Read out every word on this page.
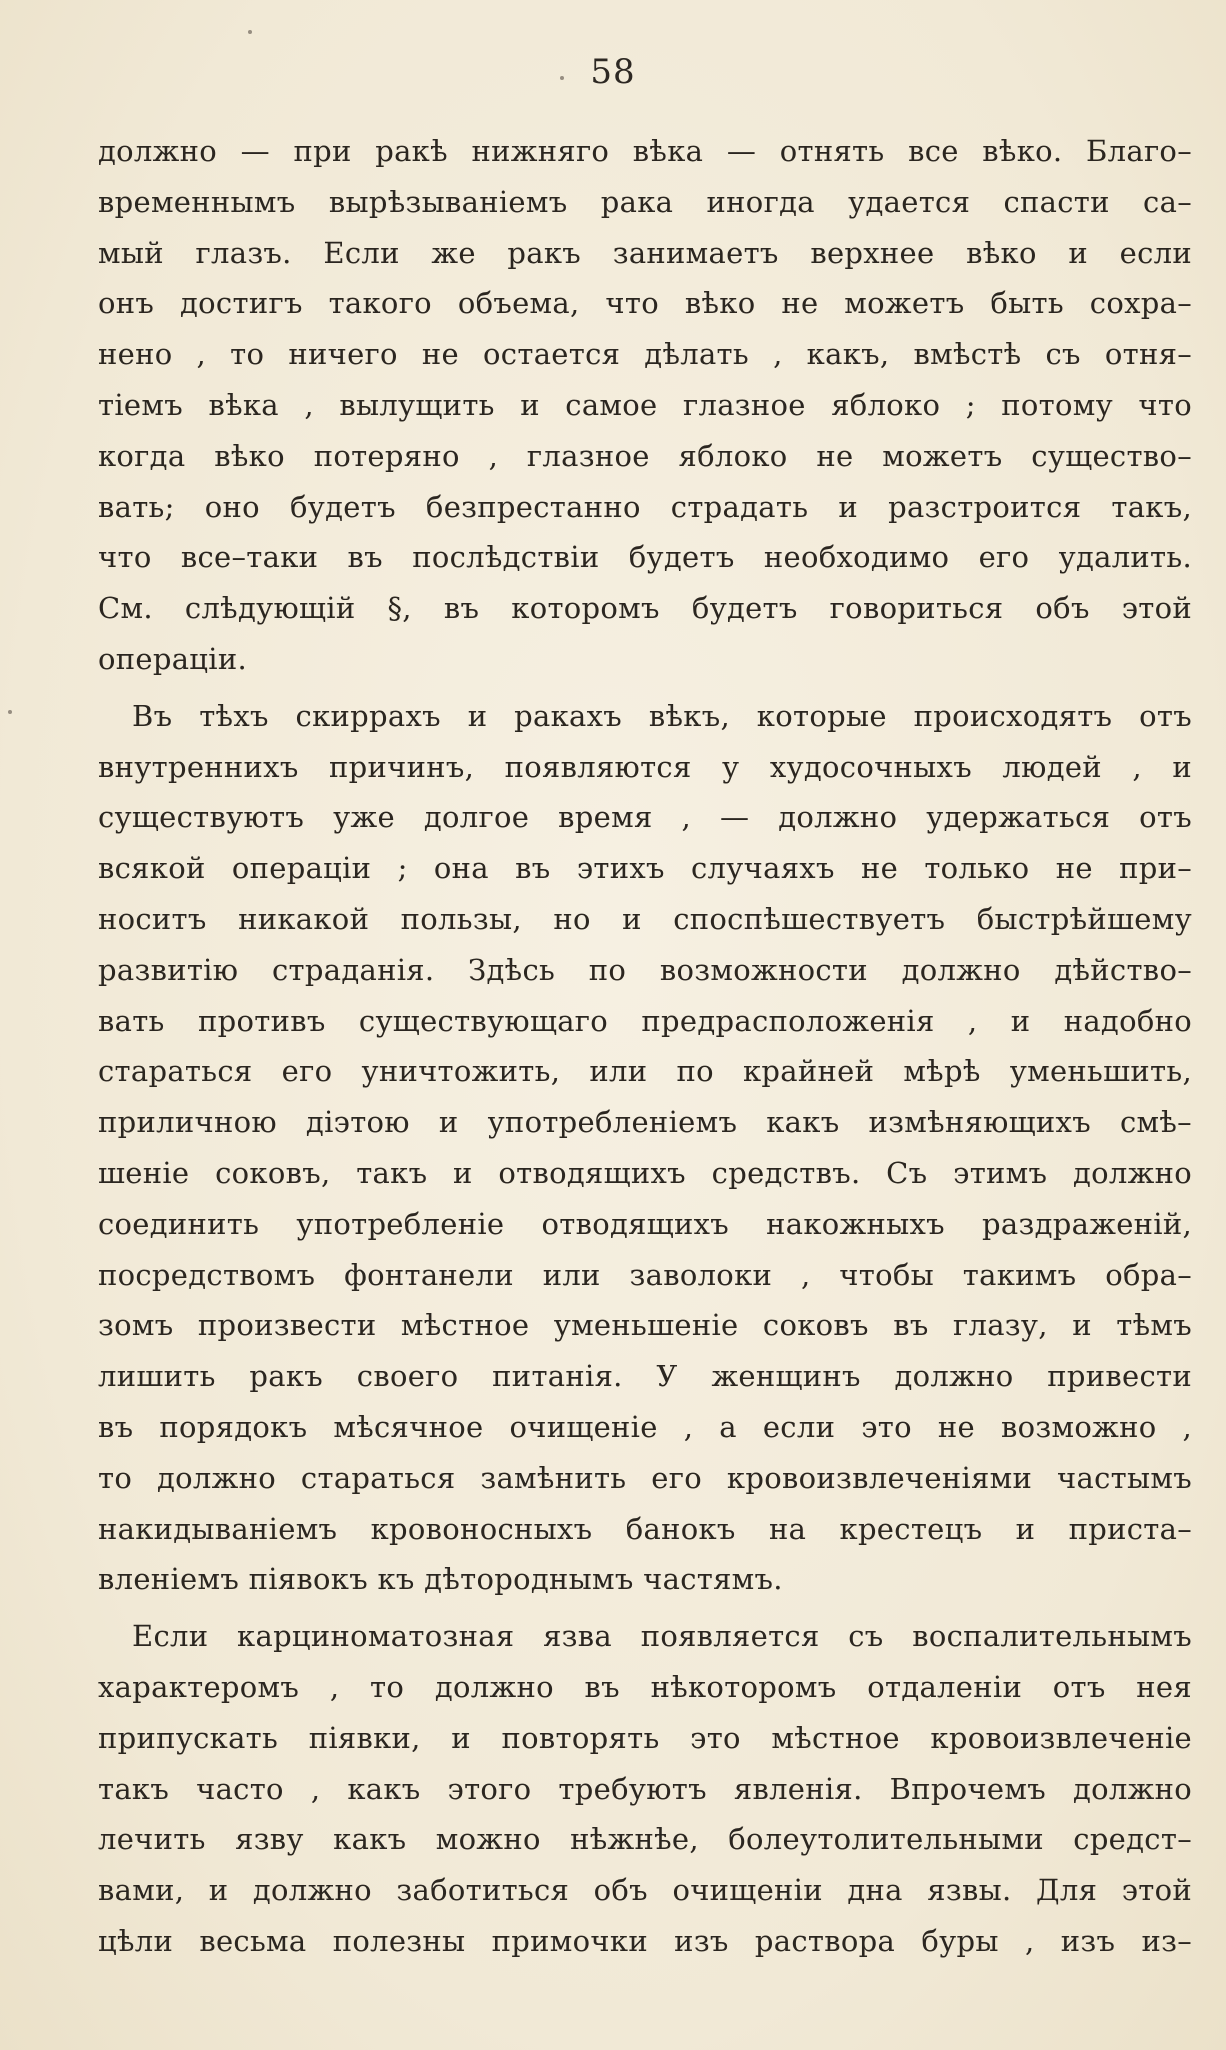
58
должно — при ракѣ нижняго вѣка — отнять все вѣко. Благо–
временнымъ вырѣзываніемъ рака иногда удается спасти са–
мый глазъ. Если же ракъ занимаетъ верхнее вѣко и если
онъ достигъ такого объема, что вѣко не можетъ быть сохра–
нено , то ничего не остается дѣлать , какъ, вмѣстѣ съ отня–
тіемъ вѣка , вылущить и самое глазное яблоко ; потому что
когда вѣко потеряно , глазное яблоко не можетъ существо–
вать; оно будетъ безпрестанно страдать и разстроится такъ,
что все–таки въ послѣдствіи будетъ необходимо его удалить.
См. слѣдующій §, въ которомъ будетъ говориться объ этой
операціи.
Въ тѣхъ скиррахъ и ракахъ вѣкъ, которые происходятъ отъ
внутреннихъ причинъ, появляются у худосочныхъ людей , и
существуютъ уже долгое время , — должно удержаться отъ
всякой операціи ; она въ этихъ случаяхъ не только не при–
носитъ никакой пользы, но и споспѣшествуетъ быстрѣйшему
развитію страданія. Здѣсь по возможности должно дѣйство–
вать противъ существующаго предрасположенія , и надобно
стараться его уничтожить, или по крайней мѣрѣ уменьшить,
приличною діэтою и употребленіемъ какъ измѣняющихъ смѣ–
шеніе соковъ, такъ и отводящихъ средствъ. Съ этимъ должно
соединить употребленіе отводящихъ накожныхъ раздраженій,
посредствомъ фонтанели или заволоки , чтобы такимъ обра–
зомъ произвести мѣстное уменьшеніе соковъ въ глазу, и тѣмъ
лишить ракъ своего питанія. У женщинъ должно привести
въ порядокъ мѣсячное очищеніе , а если это не возможно ,
то должно стараться замѣнить его кровоизвлеченіями частымъ
накидываніемъ кровоносныхъ банокъ на крестецъ и приста–
вленіемъ піявокъ къ дѣтороднымъ частямъ.
Если карциноматозная язва появляется съ воспалительнымъ
характеромъ , то должно въ нѣкоторомъ отдаленіи отъ нея
припускать піявки, и повторять это мѣстное кровоизвлеченіе
такъ часто , какъ этого требуютъ явленія. Впрочемъ должно
лечить язву какъ можно нѣжнѣе, болеутолительными средст–
вами, и должно заботиться объ очищеніи дна язвы. Для этой
цѣли весьма полезны примочки изъ раствора буры , изъ из–
